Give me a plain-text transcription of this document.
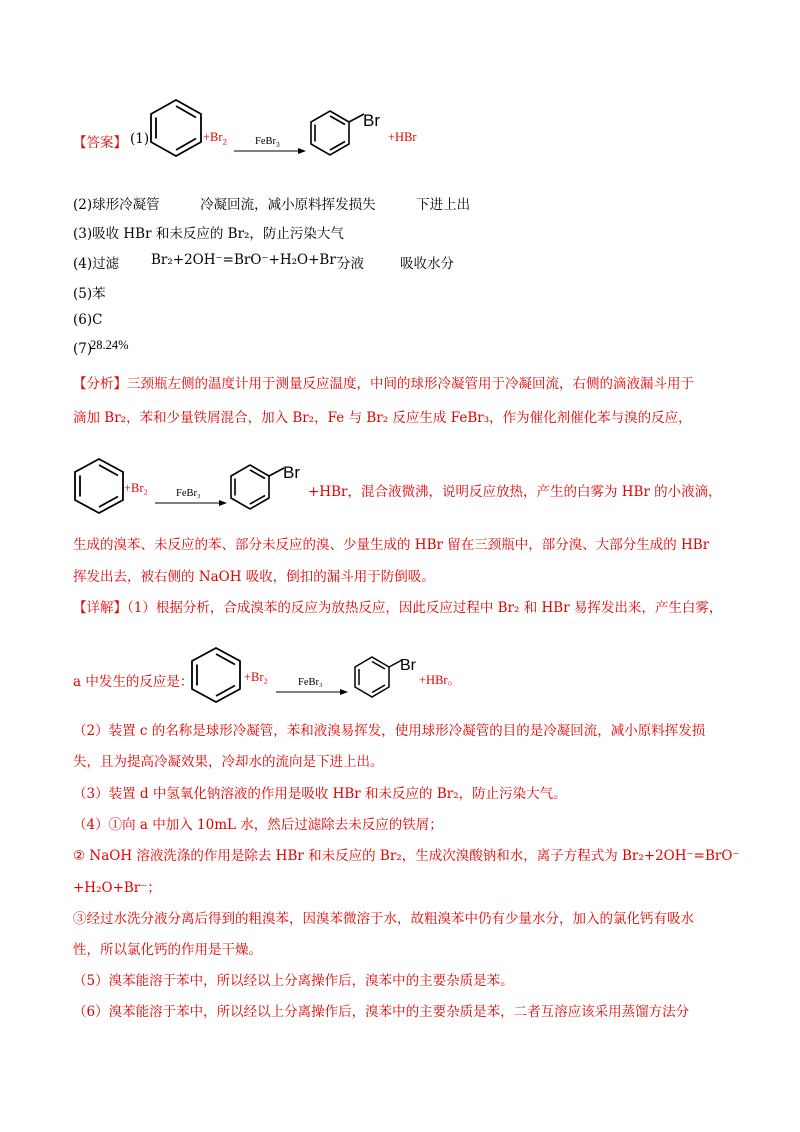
【答案】 (1)	$+Br_2$	FeBr$_3$
Br
+HBr
(2)球形冷凝管　　　冷凝回流，减小原料挥发损失　　　下进上出
(3)吸收 HBr 和未反应的 Br₂，防止污染大气
(4)过滤 Br₂+2OH⁻=BrO⁻+H₂O+Br⁻
分液	吸收水分
(5)苯
(6)C
(7)
28.24%
【分析】三颈瓶左侧的温度计用于测量反应温度，中间的球形冷凝管用于冷凝回流，右侧的滴液漏斗用于
滴加 Br₂，苯和少量铁屑混合，加入 Br₂，Fe 与 Br₂ 反应生成 FeBr₃，作为催化剂催化苯与溴的反应，
+Br₂	FeBr₃
Br
+HBr，混合液微沸，说明反应放热，产生的白雾为 HBr 的小液滴，
生成的溴苯、未反应的苯、部分未反应的溴、少量生成的 HBr 留在三颈瓶中，部分溴、大部分生成的 HBr
挥发出去，被右侧的 NaOH 吸收，倒扣的漏斗用于防倒吸。
【详解】（1）根据分析，合成溴苯的反应为放热反应，因此反应过程中 Br₂ 和 HBr 易挥发出来，产生白雾，
a 中发生的反应是：	+Br₂	FeBr₃
Br
+HBr。
（2）装置 c 的名称是球形冷凝管，苯和液溴易挥发，使用球形冷凝管的目的是冷凝回流，减小原料挥发损
失，且为提高冷凝效果，冷却水的流向是下进上出。
（3）装置 d 中氢氧化钠溶液的作用是吸收 HBr 和未反应的 Br₂，防止污染大气。
（4）①向 a 中加入 10mL 水，然后过滤除去未反应的铁屑；
② NaOH 溶液洗涤的作用是除去 HBr 和未反应的 Br₂，生成次溴酸钠和水，离子方程式为 Br₂+2OH⁻=BrO⁻
+H₂O+Br⁻；
③经过水洗分液分离后得到的粗溴苯，因溴苯微溶于水，故粗溴苯中仍有少量水分，加入的氯化钙有吸水
性，所以氯化钙的作用是干燥。
（5）溴苯能溶于苯中，所以经以上分离操作后，溴苯中的主要杂质是苯。
（6）溴苯能溶于苯中，所以经以上分离操作后，溴苯中的主要杂质是苯，二者互溶应该采用蒸馏方法分
